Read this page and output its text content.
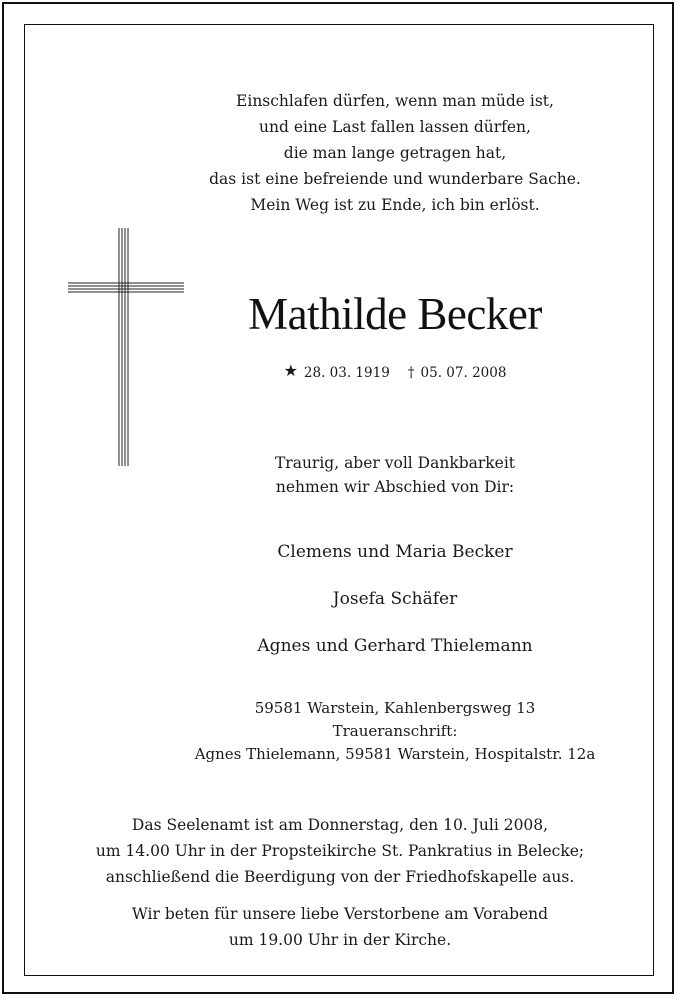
Einschlafen dürfen, wenn man müde ist,
und eine Last fallen lassen dürfen,
die man lange getragen hat,
das ist eine befreiende und wunderbare Sache.
Mein Weg ist zu Ende, ich bin erlöst.
Mathilde Becker
★ 28. 03. 1919 † 05. 07. 2008
Traurig, aber voll Dankbarkeit
nehmen wir Abschied von Dir:
Clemens und Maria Becker
Josefa Schäfer
Agnes und Gerhard Thielemann
59581 Warstein, Kahlenbergsweg 13
Traueranschrift:
Agnes Thielemann, 59581 Warstein, Hospitalstr. 12a
Das Seelenamt ist am Donnerstag, den 10. Juli 2008,
um 14.00 Uhr in der Propsteikirche St. Pankratius in Belecke;
anschließend die Beerdigung von der Friedhofskapelle aus.
Wir beten für unsere liebe Verstorbene am Vorabend
um 19.00 Uhr in der Kirche.
